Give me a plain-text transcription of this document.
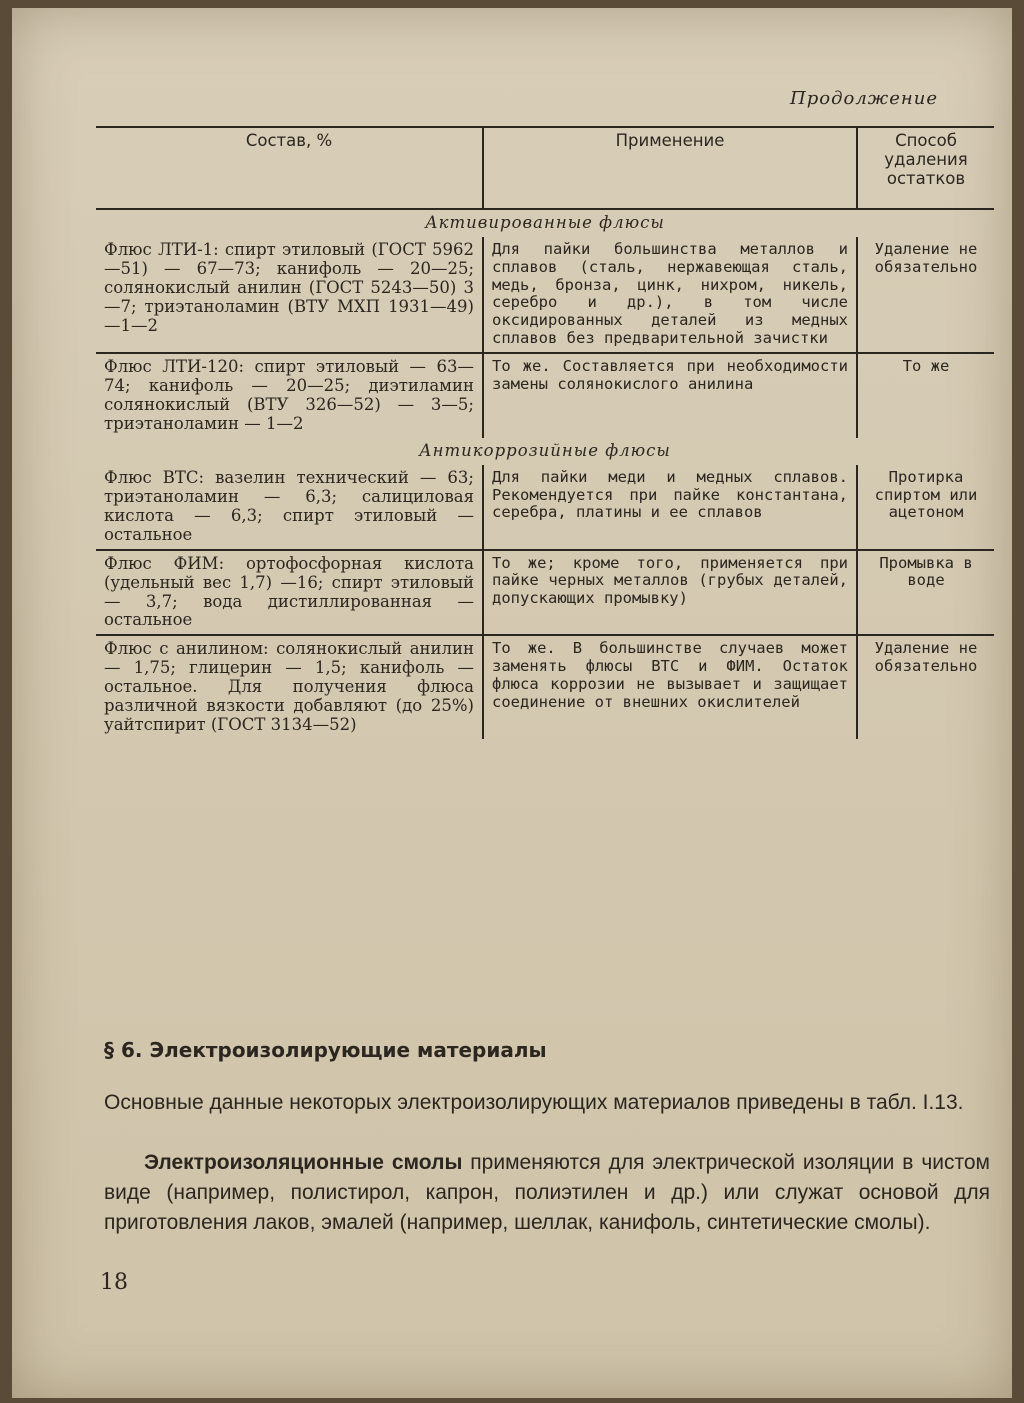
Продолжение
Состав, %	Применение	Способ удаления остатков
Активированные флюсы		
Флюс ЛТИ-1: спирт этиловый (ГОСТ 5962—51) — 67—73; канифоль — 20—25; солянокислый анилин (ГОСТ 5243—50) 3—7; триэтаноламин (ВТУ МХП 1931—49)—1—2	Для пайки большинства металлов и сплавов (сталь, нержавеющая сталь, медь, бронза, цинк, нихром, никель, серебро и др.), в том числе оксидированных деталей из медных сплавов без предварительной зачистки	Удаление не обязательно
Флюс ЛТИ-120: спирт этиловый — 63—74; канифоль — 20—25; диэтиламин солянокислый (ВТУ 326—52) — 3—5; триэтаноламин — 1—2	То же. Составляется при необходимости замены солянокислого анилина	То же
Антикоррозийные флюсы		
Флюс ВТС: вазелин технический — 63; триэтаноламин — 6,3; салициловая кислота — 6,3; спирт этиловый — остальное	Для пайки меди и медных сплавов. Рекомендуется при пайке константана, серебра, платины и ее сплавов	Протирка спиртом или ацетоном
Флюс ФИМ: ортофосфорная кислота (удельный вес 1,7) —16; спирт этиловый — 3,7; вода дистиллированная — остальное	То же; кроме того, применяется при пайке черных металлов (грубых деталей, допускающих промывку)	Промывка в воде
Флюс с анилином: солянокислый анилин — 1,75; глицерин — 1,5; канифоль — остальное. Для получения флюса различной вязкости добавляют (до 25%) уайтспирит (ГОСТ 3134—52)	То же. В большинстве случаев может заменять флюсы ВТС и ФИМ. Остаток флюса коррозии не вызывает и защищает соединение от внешних окислителей	Удаление не обязательно
§ 6. Электроизолирующие материалы
Основные данные некоторых электроизолирующих материалов приведены в табл. I.13.
Электроизоляционные смолы применяются для электрической изоляции в чистом виде (например, полистирол, капрон, полиэтилен и др.) или служат основой для приготовления лаков, эмалей (например, шеллак, канифоль, синтетические смолы).
18
